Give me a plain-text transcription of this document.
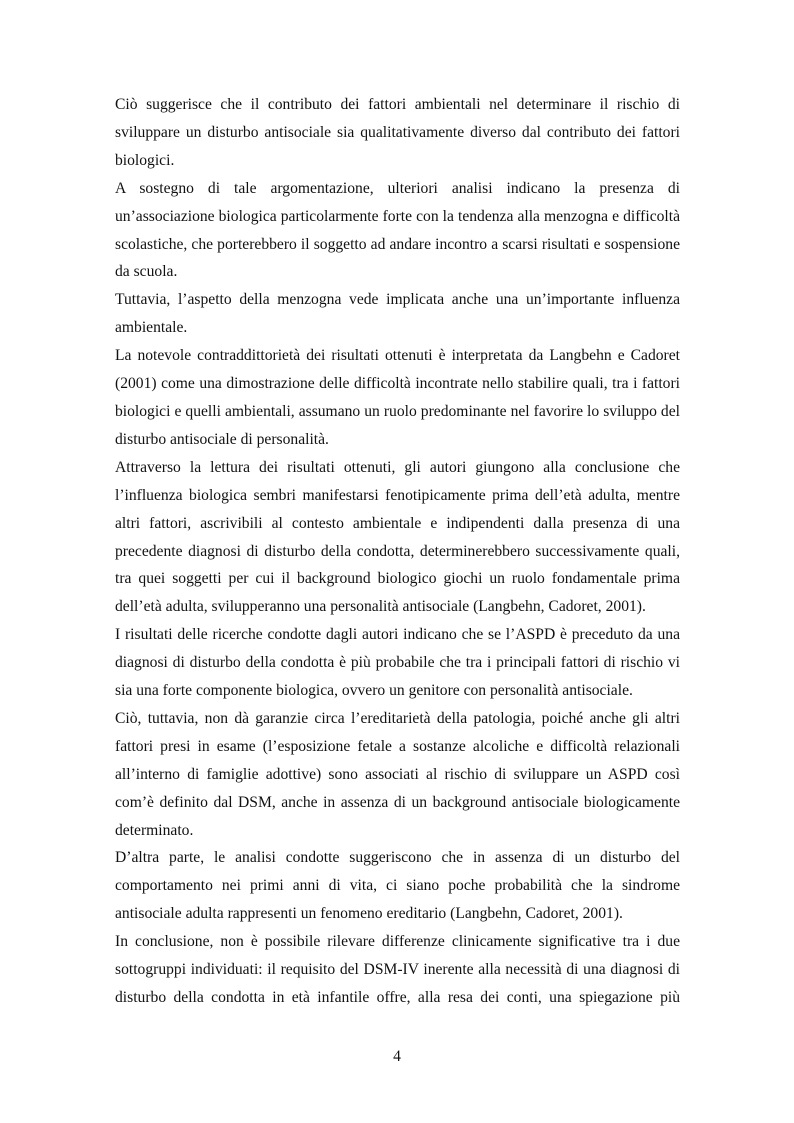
Ciò suggerisce che il contributo dei fattori ambientali nel determinare il rischio di sviluppare un disturbo antisociale sia qualitativamente diverso dal contributo dei fattori biologici.

A sostegno di tale argomentazione, ulteriori analisi indicano la presenza di un’associazione biologica particolarmente forte con la tendenza alla menzogna e difficoltà scolastiche, che porterebbero il soggetto ad andare incontro a scarsi risultati e sospensione da scuola.

Tuttavia, l’aspetto della menzogna vede implicata anche una un’importante influenza ambientale.

La notevole contraddittorietà dei risultati ottenuti è interpretata da Langbehn e Cadoret (2001) come una dimostrazione delle difficoltà incontrate nello stabilire quali, tra i fattori biologici e quelli ambientali, assumano un ruolo predominante nel favorire lo sviluppo del disturbo antisociale di personalità.

Attraverso la lettura dei risultati ottenuti, gli autori giungono alla conclusione che l’influenza biologica sembri manifestarsi fenotipicamente prima dell’età adulta, mentre altri fattori, ascrivibili al contesto ambientale e indipendenti dalla presenza di una precedente diagnosi di disturbo della condotta, determinerebbero successivamente quali, tra quei soggetti per cui il background biologico giochi un ruolo fondamentale prima dell’età adulta, svilupperanno una personalità antisociale (Langbehn, Cadoret, 2001).

I risultati delle ricerche condotte dagli autori indicano che se l’ASPD è preceduto da una diagnosi di disturbo della condotta è più probabile che tra i principali fattori di rischio vi sia una forte componente biologica, ovvero un genitore con personalità antisociale.

Ciò, tuttavia, non dà garanzie circa l’ereditarietà della patologia, poiché anche gli altri fattori presi in esame (l’esposizione fetale a sostanze alcoliche e difficoltà relazionali all’interno di famiglie adottive) sono associati al rischio di sviluppare un ASPD così com’è definito dal DSM, anche in assenza di un background antisociale biologicamente determinato.

D’altra parte, le analisi condotte suggeriscono che in assenza di un disturbo del comportamento nei primi anni di vita, ci siano poche probabilità che la sindrome antisociale adulta rappresenti un fenomeno ereditario (Langbehn, Cadoret, 2001).

In conclusione, non è possibile rilevare differenze clinicamente significative tra i due sottogruppi individuati: il requisito del DSM-IV inerente alla necessità di una diagnosi di disturbo della condotta in età infantile offre, alla resa dei conti, una spiegazione più

4
